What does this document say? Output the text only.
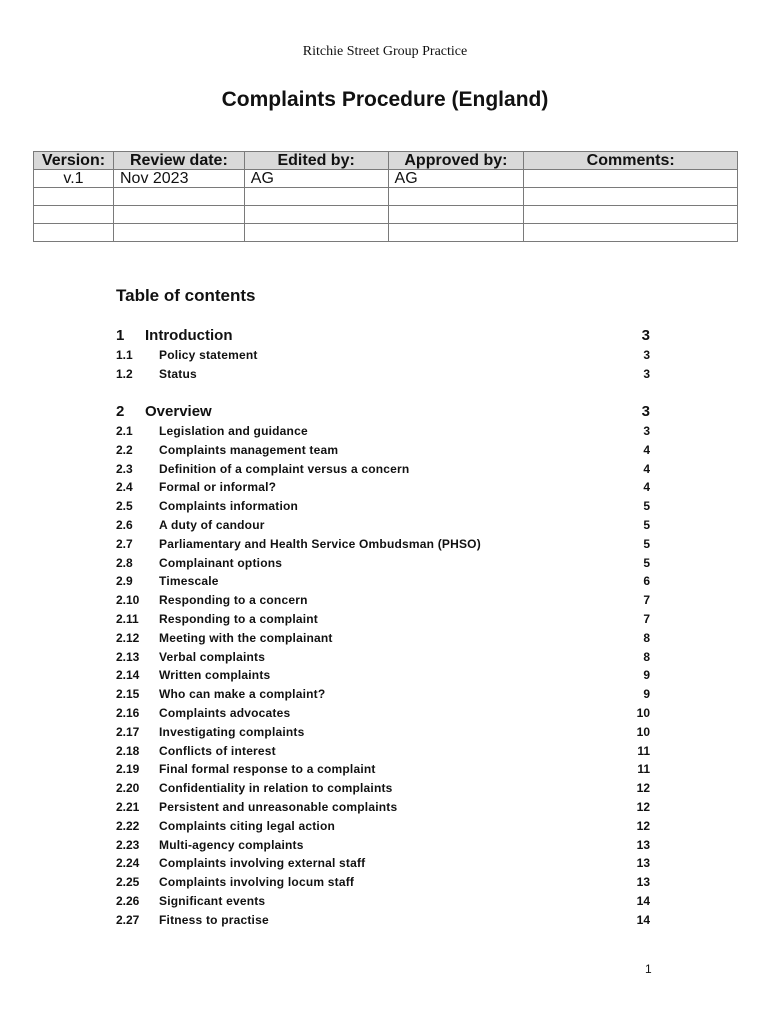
Ritchie Street Group Practice
Complaints Procedure (England)
Version:	Review date:	Edited by:	Approved by:	Comments:
v.1	Nov 2023	AG	AG	

Table of contents
1 Introduction	3
1.1 Policy statement	3
1.2 Status	3
2 Overview	3
2.1 Legislation and guidance	3
2.2 Complaints management team	4
2.3 Definition of a complaint versus a concern	4
2.4 Formal or informal?	4
2.5 Complaints information	5
2.6 A duty of candour	5
2.7 Parliamentary and Health Service Ombudsman (PHSO)	5
2.8 Complainant options	5
2.9 Timescale	6
2.10 Responding to a concern	7
2.11 Responding to a complaint	7
2.12 Meeting with the complainant	8
2.13 Verbal complaints	8
2.14 Written complaints	9
2.15 Who can make a complaint?	9
2.16 Complaints advocates	10
2.17 Investigating complaints	10
2.18 Conflicts of interest	11
2.19 Final formal response to a complaint	11
2.20 Confidentiality in relation to complaints	12
2.21 Persistent and unreasonable complaints	12
2.22 Complaints citing legal action	12
2.23 Multi-agency complaints	13
2.24 Complaints involving external staff	13
2.25 Complaints involving locum staff	13
2.26 Significant events	14
2.27 Fitness to practise	14
1
